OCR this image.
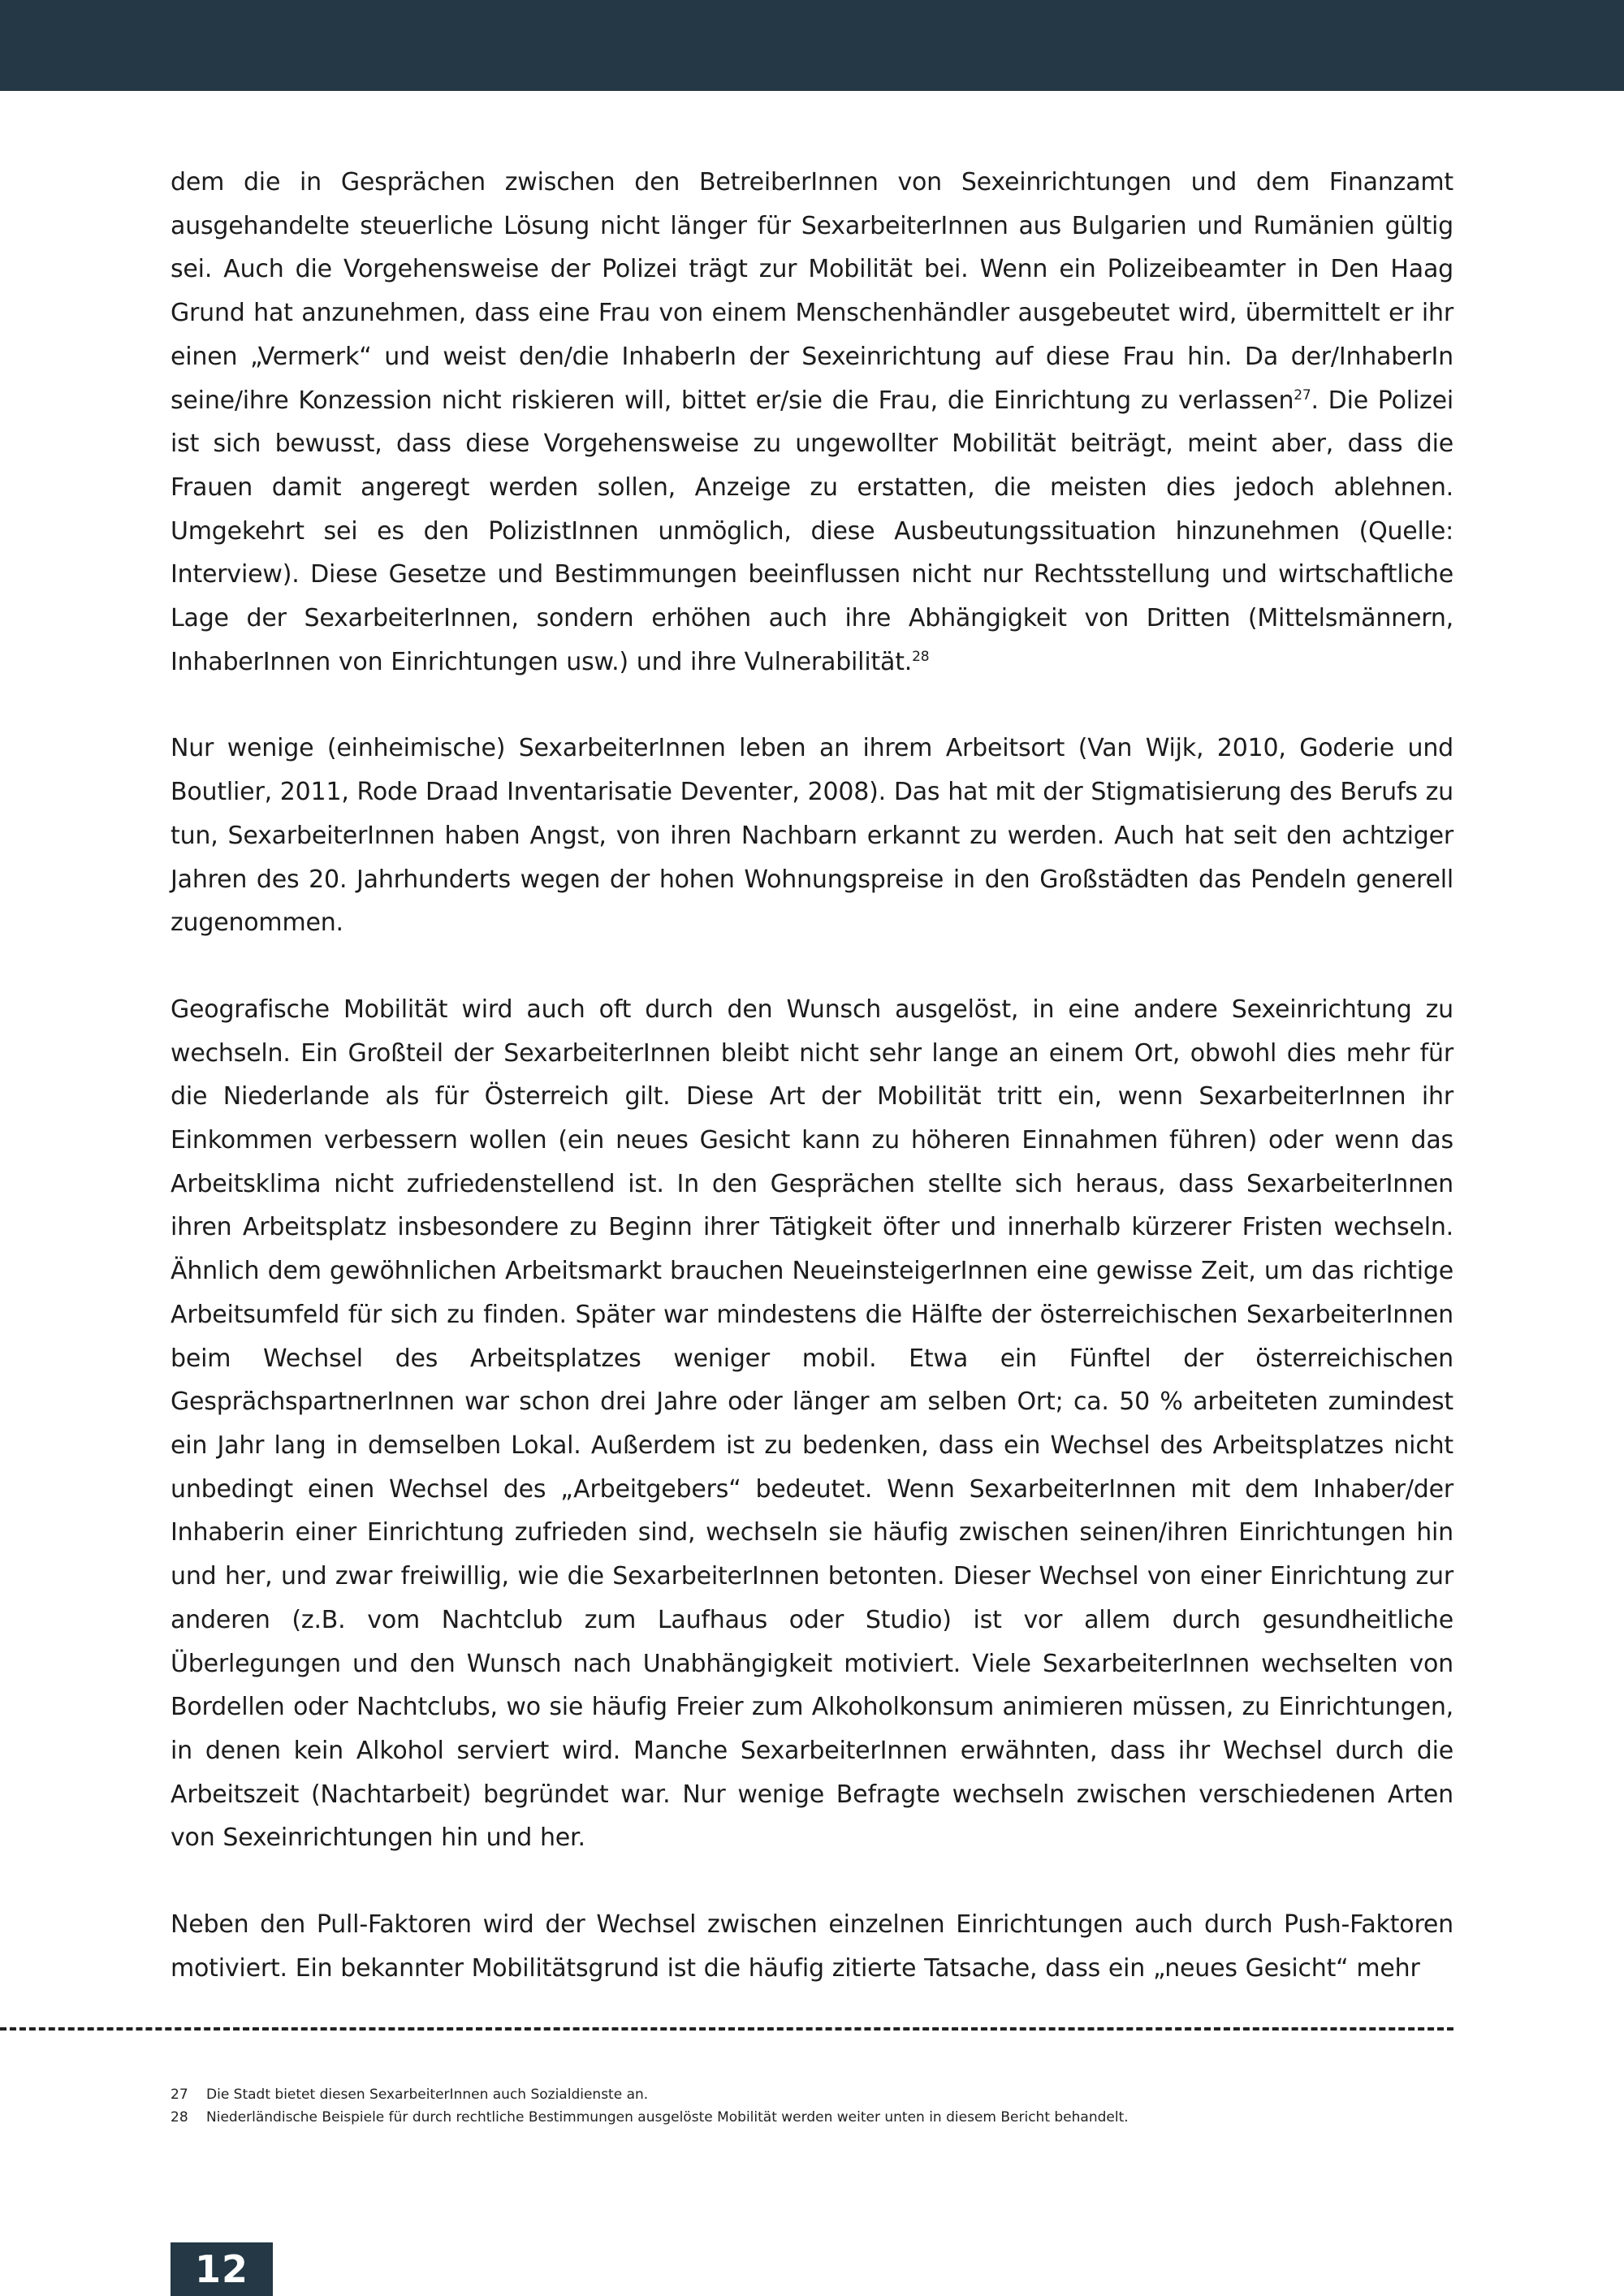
dem die in Gesprächen zwischen den BetreiberInnen von Sexeinrichtungen und dem Finanzamt ausgehandelte steuerliche Lösung nicht länger für SexarbeiterInnen aus Bulgarien und Rumänien gültig sei. Auch die Vorgehensweise der Polizei trägt zur Mobilität bei. Wenn ein Polizeibeamter in Den Haag Grund hat anzunehmen, dass eine Frau von einem Menschenhändler ausgebeutet wird, übermittelt er ihr einen „Vermerk“ und weist den/die InhaberIn der Sexeinrichtung auf diese Frau hin. Da der/InhaberIn seine/ihre Konzession nicht riskieren will, bittet er/sie die Frau, die Einrichtung zu verlassen$^{27}$. Die Polizei ist sich bewusst, dass diese Vorgehensweise zu ungewollter Mobilität beiträgt, meint aber, dass die Frauen damit angeregt werden sollen, Anzeige zu erstatten, die meisten dies jedoch ablehnen. Umgekehrt sei es den PolizistInnen unmöglich, diese Ausbeutungssituation hinzunehmen (Quelle: Interview). Diese Gesetze und Bestimmungen beeinflussen nicht nur Rechtsstellung und wirtschaftliche Lage der SexarbeiterInnen, sondern erhöhen auch ihre Abhängigkeit von Dritten (Mittelsmännern, InhaberInnen von Einrichtungen usw.) und ihre Vulnerabilität.$^{28}$

Nur wenige (einheimische) SexarbeiterInnen leben an ihrem Arbeitsort (Van Wijk, 2010, Goderie und Boutlier, 2011, Rode Draad Inventarisatie Deventer, 2008). Das hat mit der Stigmatisierung des Berufs zu tun, SexarbeiterInnen haben Angst, von ihren Nachbarn erkannt zu werden. Auch hat seit den achtziger Jahren des 20. Jahrhunderts wegen der hohen Wohnungspreise in den Großstädten das Pendeln generell zugenommen.

Geografische Mobilität wird auch oft durch den Wunsch ausgelöst, in eine andere Sexeinrichtung zu wechseln. Ein Großteil der SexarbeiterInnen bleibt nicht sehr lange an einem Ort, obwohl dies mehr für die Niederlande als für Österreich gilt. Diese Art der Mobilität tritt ein, wenn SexarbeiterInnen ihr Einkommen verbessern wollen (ein neues Gesicht kann zu höheren Einnahmen führen) oder wenn das Arbeitsklima nicht zufriedenstellend ist. In den Gesprächen stellte sich heraus, dass SexarbeiterInnen ihren Arbeitsplatz insbesondere zu Beginn ihrer Tätigkeit öfter und innerhalb kürzerer Fristen wechseln. Ähnlich dem gewöhnlichen Arbeitsmarkt brauchen NeueinsteigerInnen eine gewisse Zeit, um das richtige Arbeitsumfeld für sich zu finden. Später war mindestens die Hälfte der österreichischen SexarbeiterInnen beim Wechsel des Arbeitsplatzes weniger mobil. Etwa ein Fünftel der österreichischen GesprächspartnerInnen war schon drei Jahre oder länger am selben Ort; ca. 50 % arbeiteten zumindest ein Jahr lang in demselben Lokal. Außerdem ist zu bedenken, dass ein Wechsel des Arbeitsplatzes nicht unbedingt einen Wechsel des „Arbeitgebers“ bedeutet. Wenn SexarbeiterInnen mit dem Inhaber/der Inhaberin einer Einrichtung zufrieden sind, wechseln sie häufig zwischen seinen/ihren Einrichtungen hin und her, und zwar freiwillig, wie die SexarbeiterInnen betonten. Dieser Wechsel von einer Einrichtung zur anderen (z.B. vom Nachtclub zum Laufhaus oder Studio) ist vor allem durch gesundheitliche Überlegungen und den Wunsch nach Unabhängigkeit motiviert. Viele SexarbeiterInnen wechselten von Bordellen oder Nachtclubs, wo sie häufig Freier zum Alkoholkonsum animieren müssen, zu Einrichtungen, in denen kein Alkohol serviert wird. Manche SexarbeiterInnen erwähnten, dass ihr Wechsel durch die Arbeitszeit (Nachtarbeit) begründet war. Nur wenige Befragte wechseln zwischen verschiedenen Arten von Sexeinrichtungen hin und her.

Neben den Pull-Faktoren wird der Wechsel zwischen einzelnen Einrichtungen auch durch Push-Faktoren motiviert. Ein bekannter Mobilitätsgrund ist die häufig zitierte Tatsache, dass ein „neues Gesicht“ mehr

27	Die Stadt bietet diesen SexarbeiterInnen auch Sozialdienste an.
28	Niederländische Beispiele für durch rechtliche Bestimmungen ausgelöste Mobilität werden weiter unten in diesem Bericht behandelt.
12
